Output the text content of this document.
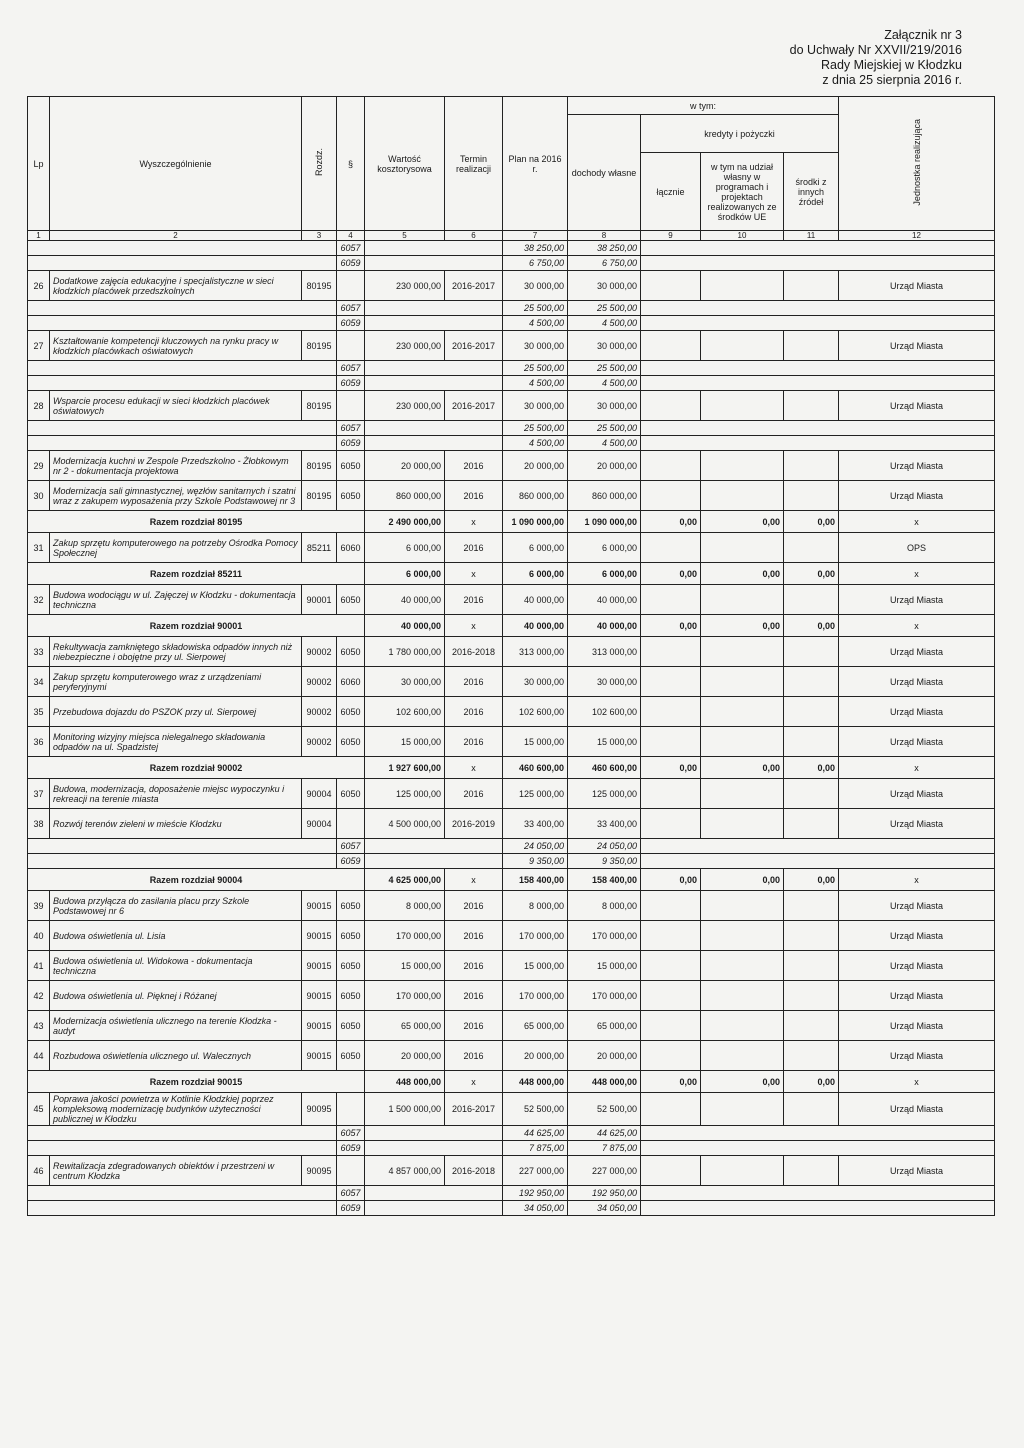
Załącznik nr 3
do Uchwały Nr XXVII/219/2016
Rady Miejskiej w Kłodzku
z dnia 25 sierpnia 2016 r.
Lp	Wyszczególnienie	Rozdz.	§	Wartość kosztorysowa	Termin realizacji	Plan na 2016 r.	w tym:				Jednostka realizująca
							dochody własne	kredyty i pożyczki			
								łącznie	w tym na udział własny w programach i projektach realizowanych ze środków UE	środki z innych źródeł	
1	2	3	4	5	6	7	8	9	10	11	12
			6057			38 250,00	38 250,00				
			6059			6 750,00	6 750,00				
26	Dodatkowe zajęcia edukacyjne i specjalistyczne w sieci kłodzkich placówek przedszkolnych	80195		230 000,00	2016-2017	30 000,00	30 000,00				Urząd Miasta
			6057			25 500,00	25 500,00				
			6059			4 500,00	4 500,00				
27	Kształtowanie kompetencji kluczowych na rynku pracy w kłodzkich placówkach oświatowych	80195		230 000,00	2016-2017	30 000,00	30 000,00				Urząd Miasta
			6057			25 500,00	25 500,00				
			6059			4 500,00	4 500,00				
28	Wsparcie procesu edukacji w sieci kłodzkich placówek oświatowych	80195		230 000,00	2016-2017	30 000,00	30 000,00				Urząd Miasta
			6057			25 500,00	25 500,00				
			6059			4 500,00	4 500,00				
29	Modernizacja kuchni w Zespole Przedszkolno - Żłobkowym nr 2 - dokumentacja projektowa	80195	6050	20 000,00	2016	20 000,00	20 000,00				Urząd Miasta
30	Modernizacja sali gimnastycznej, węzłów sanitarnych i szatni wraz z zakupem wyposażenia przy Szkole Podstawowej nr 3	80195	6050	860 000,00	2016	860 000,00	860 000,00				Urząd Miasta
Razem rozdział 80195				2 490 000,00	x	1 090 000,00	1 090 000,00	0,00	0,00	0,00	x
31	Zakup sprzętu komputerowego na potrzeby Ośrodka Pomocy Społecznej	85211	6060	6 000,00	2016	6 000,00	6 000,00				OPS
Razem rozdział 85211				6 000,00	x	6 000,00	6 000,00	0,00	0,00	0,00	x
32	Budowa wodociągu w ul. Zajęczej w Kłodzku - dokumentacja techniczna	90001	6050	40 000,00	2016	40 000,00	40 000,00				Urząd Miasta
Razem rozdział 90001				40 000,00	x	40 000,00	40 000,00	0,00	0,00	0,00	x
33	Rekultywacja zamkniętego składowiska odpadów innych niż niebezpieczne i obojętne przy ul. Sierpowej	90002	6050	1 780 000,00	2016-2018	313 000,00	313 000,00				Urząd Miasta
34	Zakup sprzętu komputerowego wraz z urządzeniami peryferyjnymi	90002	6060	30 000,00	2016	30 000,00	30 000,00				Urząd Miasta
35	Przebudowa dojazdu do PSZOK przy ul. Sierpowej	90002	6050	102 600,00	2016	102 600,00	102 600,00				Urząd Miasta
36	Monitoring wizyjny miejsca nielegalnego składowania odpadów na ul. Spadzistej	90002	6050	15 000,00	2016	15 000,00	15 000,00				Urząd Miasta
Razem rozdział 90002				1 927 600,00	x	460 600,00	460 600,00	0,00	0,00	0,00	x
37	Budowa, modernizacja, doposażenie miejsc wypoczynku i rekreacji na terenie miasta	90004	6050	125 000,00	2016	125 000,00	125 000,00				Urząd Miasta
38	Rozwój terenów zieleni w mieście Kłodzku	90004		4 500 000,00	2016-2019	33 400,00	33 400,00				Urząd Miasta
			6057			24 050,00	24 050,00				
			6059			9 350,00	9 350,00				
Razem rozdział 90004				4 625 000,00	x	158 400,00	158 400,00	0,00	0,00	0,00	x
39	Budowa przyłącza do zasilania placu przy Szkole Podstawowej nr 6	90015	6050	8 000,00	2016	8 000,00	8 000,00				Urząd Miasta
40	Budowa oświetlenia ul. Lisia	90015	6050	170 000,00	2016	170 000,00	170 000,00				Urząd Miasta
41	Budowa oświetlenia ul. Widokowa - dokumentacja techniczna	90015	6050	15 000,00	2016	15 000,00	15 000,00				Urząd Miasta
42	Budowa oświetlenia ul. Pięknej i Różanej	90015	6050	170 000,00	2016	170 000,00	170 000,00				Urząd Miasta
43	Modernizacja oświetlenia ulicznego na terenie Kłodzka - audyt	90015	6050	65 000,00	2016	65 000,00	65 000,00				Urząd Miasta
44	Rozbudowa oświetlenia ulicznego ul. Walecznych	90015	6050	20 000,00	2016	20 000,00	20 000,00				Urząd Miasta
Razem rozdział 90015				448 000,00	x	448 000,00	448 000,00	0,00	0,00	0,00	x
45	Poprawa jakości powietrza w Kotlinie Kłodzkiej poprzez kompleksową modernizację budynków użyteczności publicznej w Kłodzku	90095		1 500 000,00	2016-2017	52 500,00	52 500,00				Urząd Miasta
			6057			44 625,00	44 625,00				
			6059			7 875,00	7 875,00				
46	Rewitalizacja zdegradowanych obiektów i przestrzeni w centrum Kłodzka	90095		4 857 000,00	2016-2018	227 000,00	227 000,00				Urząd Miasta
			6057			192 950,00	192 950,00				
			6059			34 050,00	34 050,00				
